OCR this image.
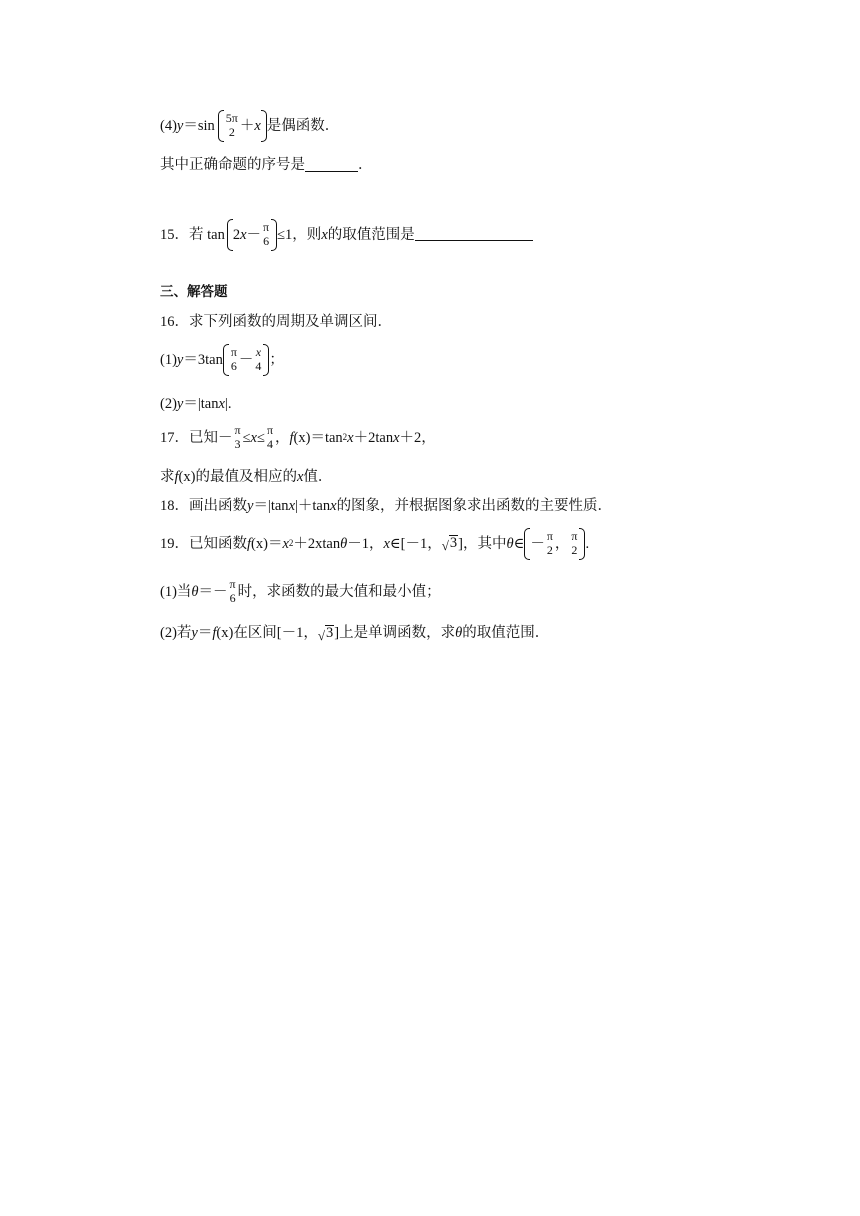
(4) y ＝sin 5π
2 ＋ x 是偶函数．
其中正确命题的序号是	．
15．若 tan 2 x － π
6 ≤1，则 x 的取值范围是
三、解答题
16．求下列函数的周期及单调区间．
(1) y ＝3tan π
6 － x
4 ；
(2) y ＝|tan x |.
17．已知－ π
3 ≤ x ≤ π
4 ， f (x) ＝tan 2 x ＋2tan x ＋2，
求 f (x) 的最值及相应的 x 值．
18．画出函数 y ＝|tan x |＋tan x 的图象，并根据图象求出函数的主要性质．
19．已知函数 f (x) ＝ x 2 ＋2xtan θ －1， x ∈[－1， √ 3 ]，其中 θ ∈ － π
2 ， π
2 .
(1)当 θ ＝－ π
6 时，求函数的最大值和最小值；
(2)若 y ＝ f (x) 在区间[－1， √ 3 ]上是单调函数，求 θ 的取值范围．
